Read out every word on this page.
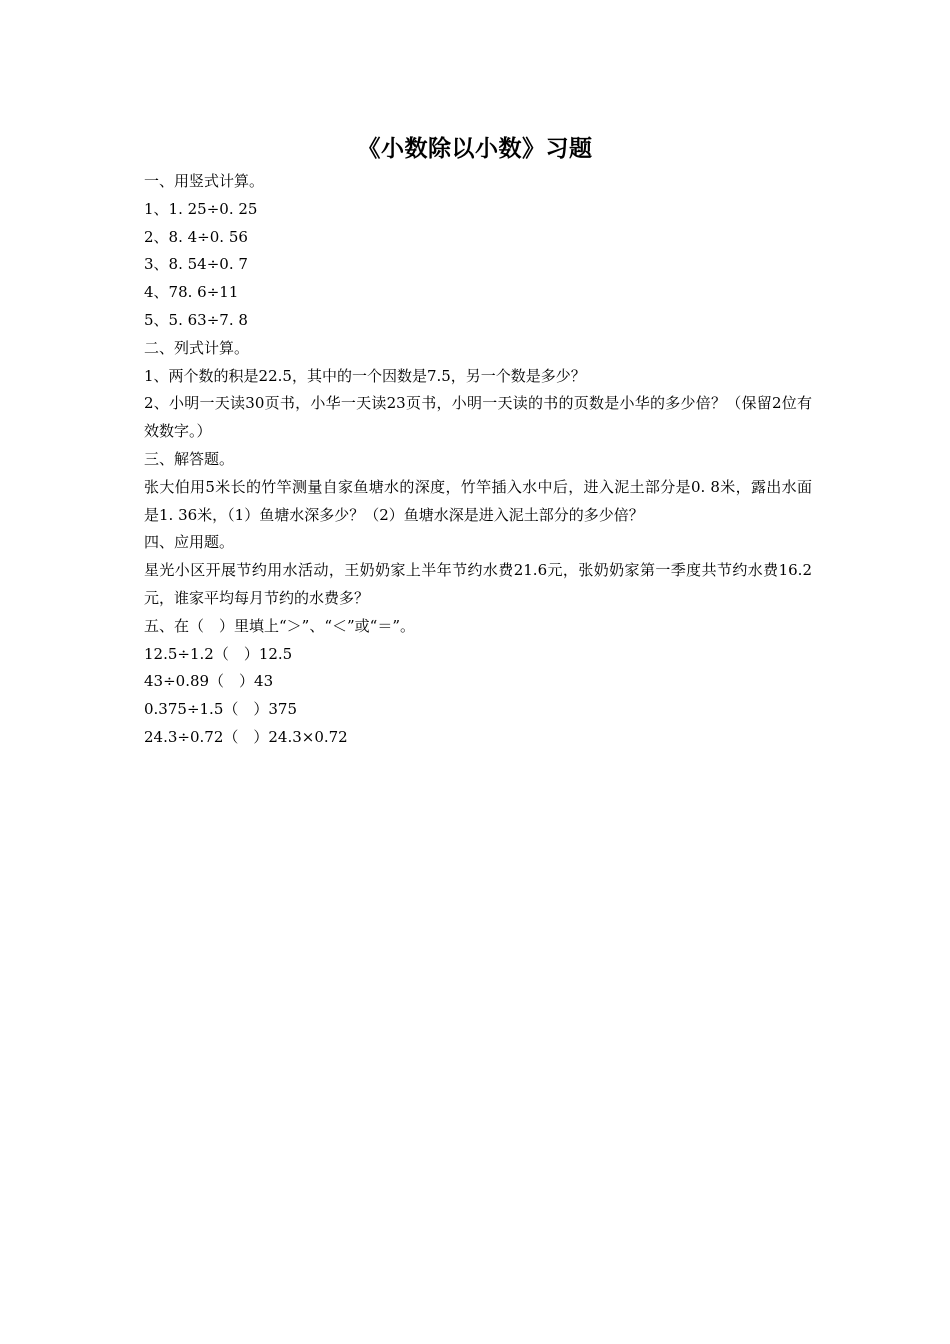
《小数除以小数》习题
一、用竖式计算。
1、1. 25÷0. 25
2、8. 4÷0. 56
3、8. 54÷0. 7
4、78. 6÷11
5、5. 63÷7. 8
二、列式计算。
1、两个数的积是22.5，其中的一个因数是7.5，另一个数是多少？
2、小明一天读30页书，小华一天读23页书，小明一天读的书的页数是小华的多少倍？（保留2位有效数字。）
三、解答题。
张大伯用5米长的竹竿测量自家鱼塘水的深度，竹竿插入水中后，进入泥土部分是0. 8米，露出水面是1. 36米，（1）鱼塘水深多少？（2）鱼塘水深是进入泥土部分的多少倍？
四、应用题。
星光小区开展节约用水活动，王奶奶家上半年节约水费21.6元，张奶奶家第一季度共节约水费16.2元，谁家平均每月节约的水费多？
五、在（　）里填上“＞”、“＜”或“＝”。
12.5÷1.2（　）12.5
43÷0.89（　）43
0.375÷1.5（　）375
24.3÷0.72（　）24.3×0.72
